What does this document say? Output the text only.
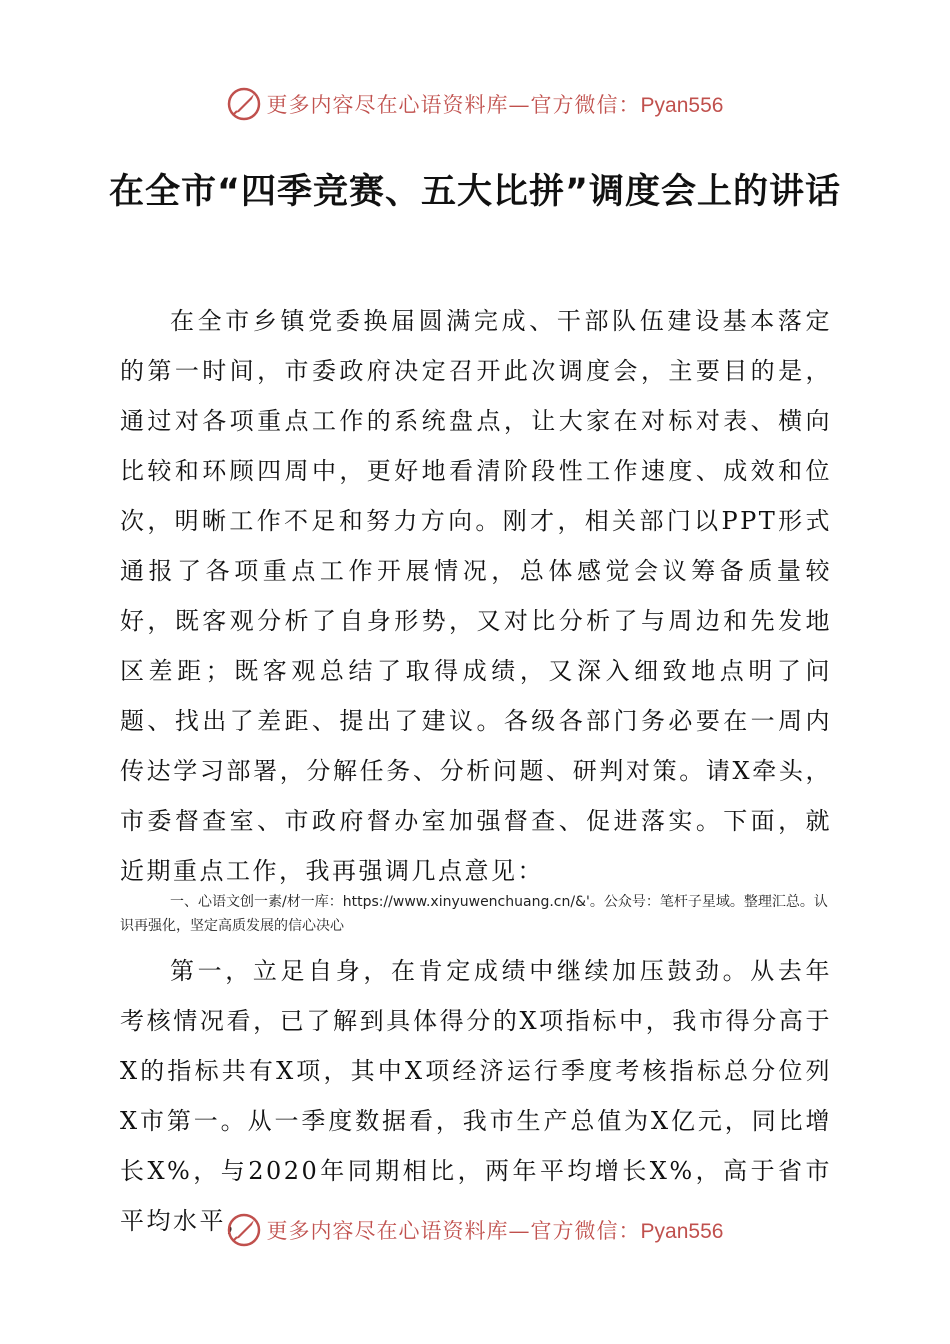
更多内容尽在心语资料库—官方微信：Pyan556
在全市“四季竞赛、五大比拼”调度会上的讲话

在全市乡镇党委换届圆满完成、干部队伍建设基本落定的第一时间，市委政府决定召开此次调度会，主要目的是，通过对各项重点工作的系统盘点，让大家在对标对表、横向比较和环顾四周中，更好地看清阶段性工作速度、成效和位次，明晰工作不足和努力方向。刚才，相关部门以PPT形式通报了各项重点工作开展情况，总体感觉会议筹备质量较好，既客观分析了自身形势，又对比分析了与周边和先发地区差距；既客观总结了取得成绩，又深入细致地点明了问题、找出了差距、提出了建议。各级各部门务必要在一周内传达学习部署，分解任务、分析问题、研判对策。请X牵头，市委督查室、市政府督办室加强督查、促进落实。下面，就近期重点工作，我再强调几点意见：

一、心语文创一素/材一库：https://www.xinyuwenchuang.cn/&'。公众号：笔杆子星域。整理汇总。认识再强化，坚定高质发展的信心决心

第一，立足自身，在肯定成绩中继续加压鼓劲。从去年考核情况看，已了解到具体得分的X项指标中，我市得分高于X的指标共有X项，其中X项经济运行季度考核指标总分位列X市第一。从一季度数据看，我市生产总值为X亿元，同比增长X%，与2020年同期相比，两年平均增长X%，高于省市平均水平， 更多内容尽在心语资料库—官方微信：Pyan556
